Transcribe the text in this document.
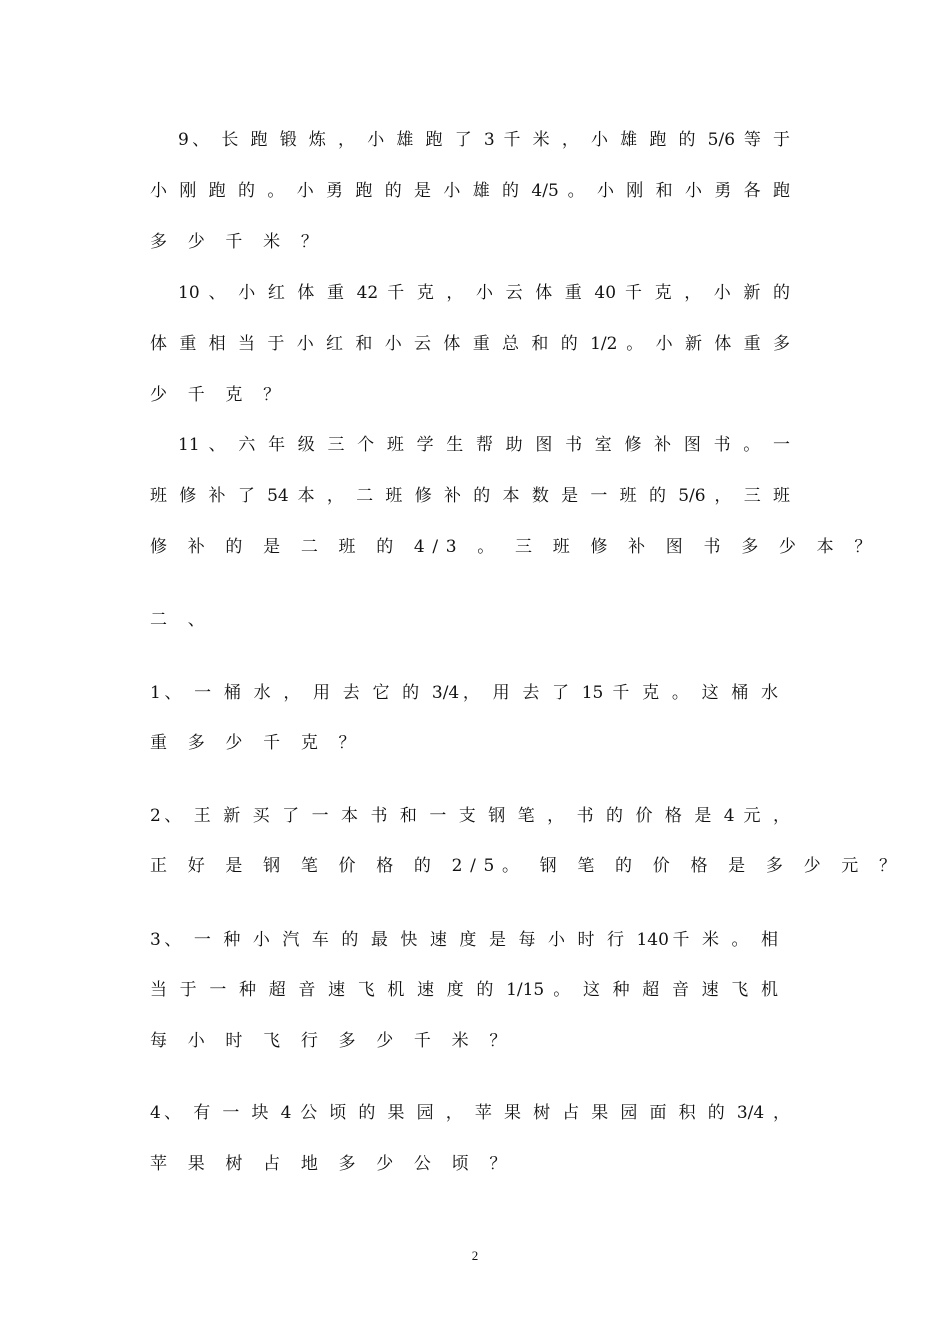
9、 长 跑 锻 炼 ， 小 雄 跑 了 3 千 米 ， 小 雄 跑 的 5/6 等 于
小 刚 跑 的 。 小 勇 跑 的 是 小 雄 的 4/5 。 小 刚 和 小 勇 各 跑
多 少 千 米 ？
10 、 小 红 体 重 42 千 克 ， 小 云 体 重 40 千 克 ， 小 新 的
体 重 相 当 于 小 红 和 小 云 体 重 总 和 的 1/2 。 小 新 体 重 多
少 千 克 ？
11 、 六 年 级 三 个 班 学 生 帮 助 图 书 室 修 补 图 书 。 一
班 修 补 了 54 本 ， 二 班 修 补 的 本 数 是 一 班 的 5/6 ， 三 班
修 补 的 是 二 班 的 4/3 。 三 班 修 补 图 书 多 少 本 ？
二 、
1、 一 桶 水 ， 用 去 它 的 3/4， 用 去 了 15 千 克 。 这 桶 水
重 多 少 千 克 ？
2、 王 新 买 了 一 本 书 和 一 支 钢 笔 ， 书 的 价 格 是 4 元 ，
正 好 是 钢 笔 价 格 的 2/5。 钢 笔 的 价 格 是 多 少 元 ？
3、 一 种 小 汽 车 的 最 快 速 度 是 每 小 时 行 140千 米 。 相
当 于 一 种 超 音 速 飞 机 速 度 的 1/15 。 这 种 超 音 速 飞 机
每 小 时 飞 行 多 少 千 米 ？
4、 有 一 块 4 公 顷 的 果 园 ， 苹 果 树 占 果 园 面 积 的 3/4 ，
苹 果 树 占 地 多 少 公 顷 ？
2
